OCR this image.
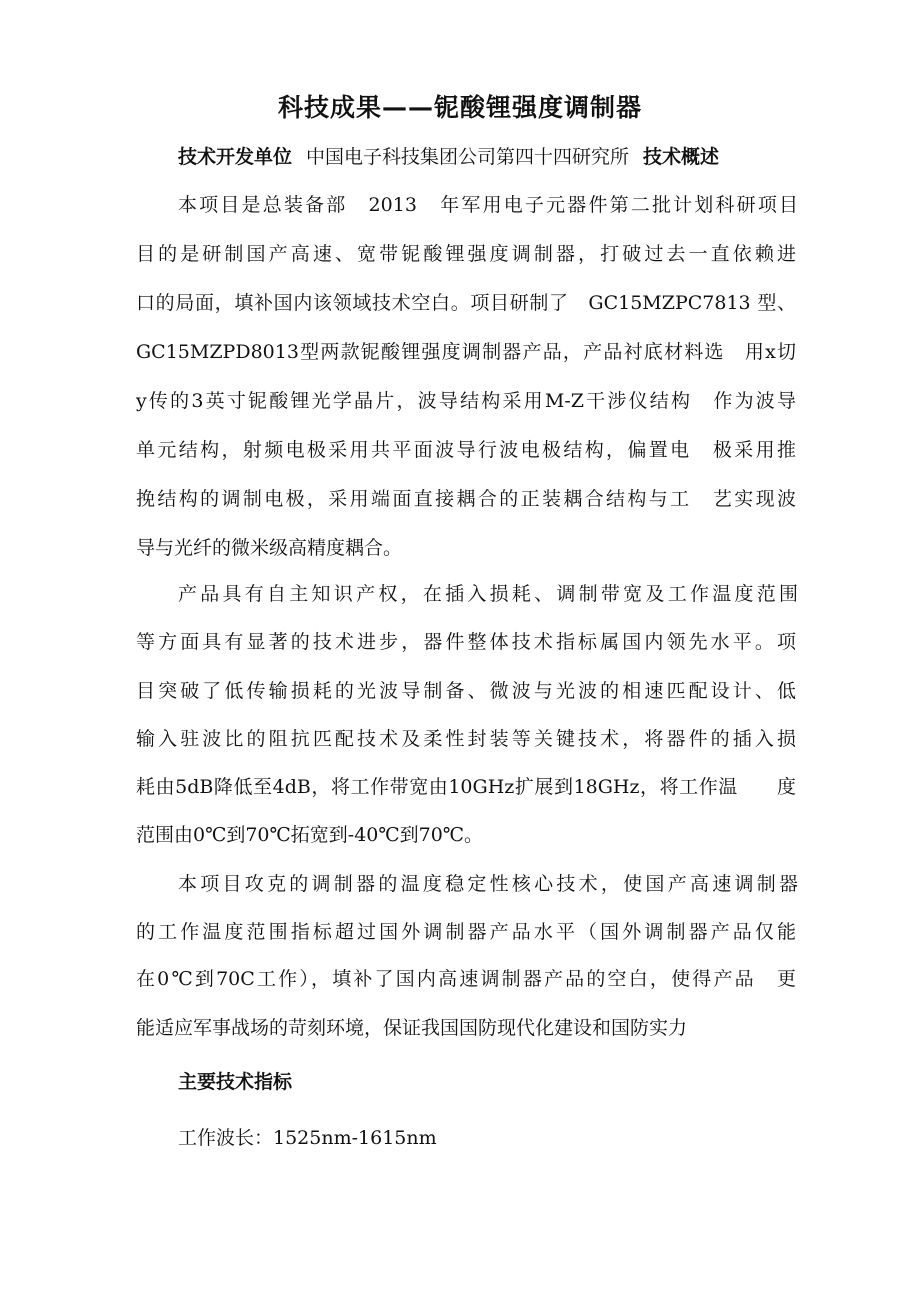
科技成果——铌酸锂强度调制器
技术开发单位 中国电子科技集团公司第四十四研究所 技术概述
本项目是总装备部　2013　年军用电子元器件第二批计划科研项目
目的是研制国产高速、宽带铌酸锂强度调制器，打破过去一直依赖进
口的局面，填补国内该领域技术空白。项目研制了　GC15MZPC7813 型、
GC15MZPD8013型两款铌酸锂强度调制器产品，产品衬底材料选　用x切
y传的3英寸铌酸锂光学晶片，波导结构采用M-Z干涉仪结构　作为波导
单元结构，射频电极采用共平面波导行波电极结构，偏置电　极采用推
挽结构的调制电极，采用端面直接耦合的正装耦合结构与工　艺实现波
导与光纤的微米级高精度耦合。
产品具有自主知识产权，在插入损耗、调制带宽及工作温度范围
等方面具有显著的技术进步，器件整体技术指标属国内领先水平。项
目突破了低传输损耗的光波导制备、微波与光波的相速匹配设计、低
输入驻波比的阻抗匹配技术及柔性封装等关键技术，将器件的插入损
耗由5dB降低至4dB，将工作带宽由10GHz扩展到18GHz，将工作温　　度
范围由0℃到70℃拓宽到-40℃到70℃。
本项目攻克的调制器的温度稳定性核心技术，使国产高速调制器
的工作温度范围指标超过国外调制器产品水平（国外调制器产品仅能
在0℃到70C工作），填补了国内高速调制器产品的空白，使得产品　更
能适应军事战场的苛刻环境，保证我国国防现代化建设和国防实力
主要技术指标
工作波长：1525nm-1615nm
